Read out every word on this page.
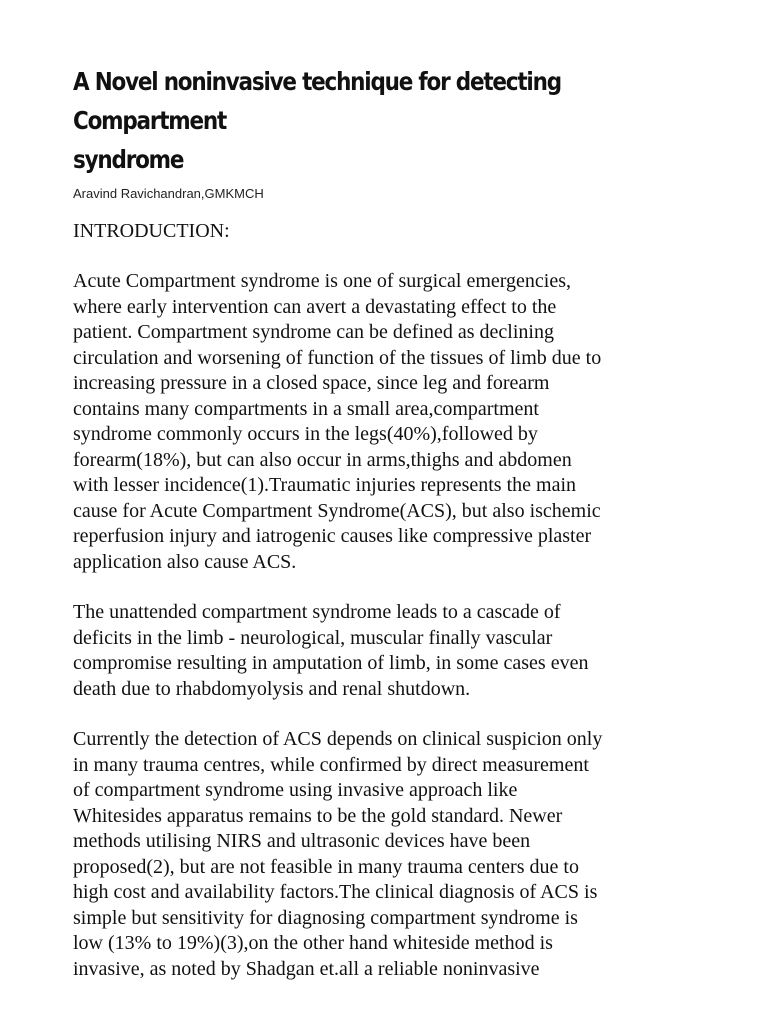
A Novel noninvasive technique for detecting Compartment
syndrome
Aravind Ravichandran,GMKMCH
INTRODUCTION:

Acute Compartment syndrome is one of surgical emergencies,
where early intervention can avert a devastating effect to the
patient. Compartment syndrome can be defined as declining
circulation and worsening of function of the tissues of limb due to
increasing pressure in a closed space, since leg and forearm
contains many compartments in a small area,compartment
syndrome commonly occurs in the legs(40%),followed by
forearm(18%), but can also occur in arms,thighs and abdomen
with lesser incidence(1).Traumatic injuries represents the main
cause for Acute Compartment Syndrome(ACS), but also ischemic
reperfusion injury and iatrogenic causes like compressive plaster
application also cause ACS.

The unattended compartment syndrome leads to a cascade of
deficits in the limb - neurological, muscular finally vascular
compromise resulting in amputation of limb, in some cases even
death due to rhabdomyolysis and renal shutdown.

Currently the detection of ACS depends on clinical suspicion only
in many trauma centres, while confirmed by direct measurement
of compartment syndrome using invasive approach like
Whitesides apparatus remains to be the gold standard. Newer
methods utilising NIRS and ultrasonic devices have been
proposed(2), but are not feasible in many trauma centers due to
high cost and availability factors.The clinical diagnosis of ACS is
simple but sensitivity for diagnosing compartment syndrome is
low (13% to 19%)(3),on the other hand whiteside method is
invasive, as noted by Shadgan et.all a reliable noninvasive
